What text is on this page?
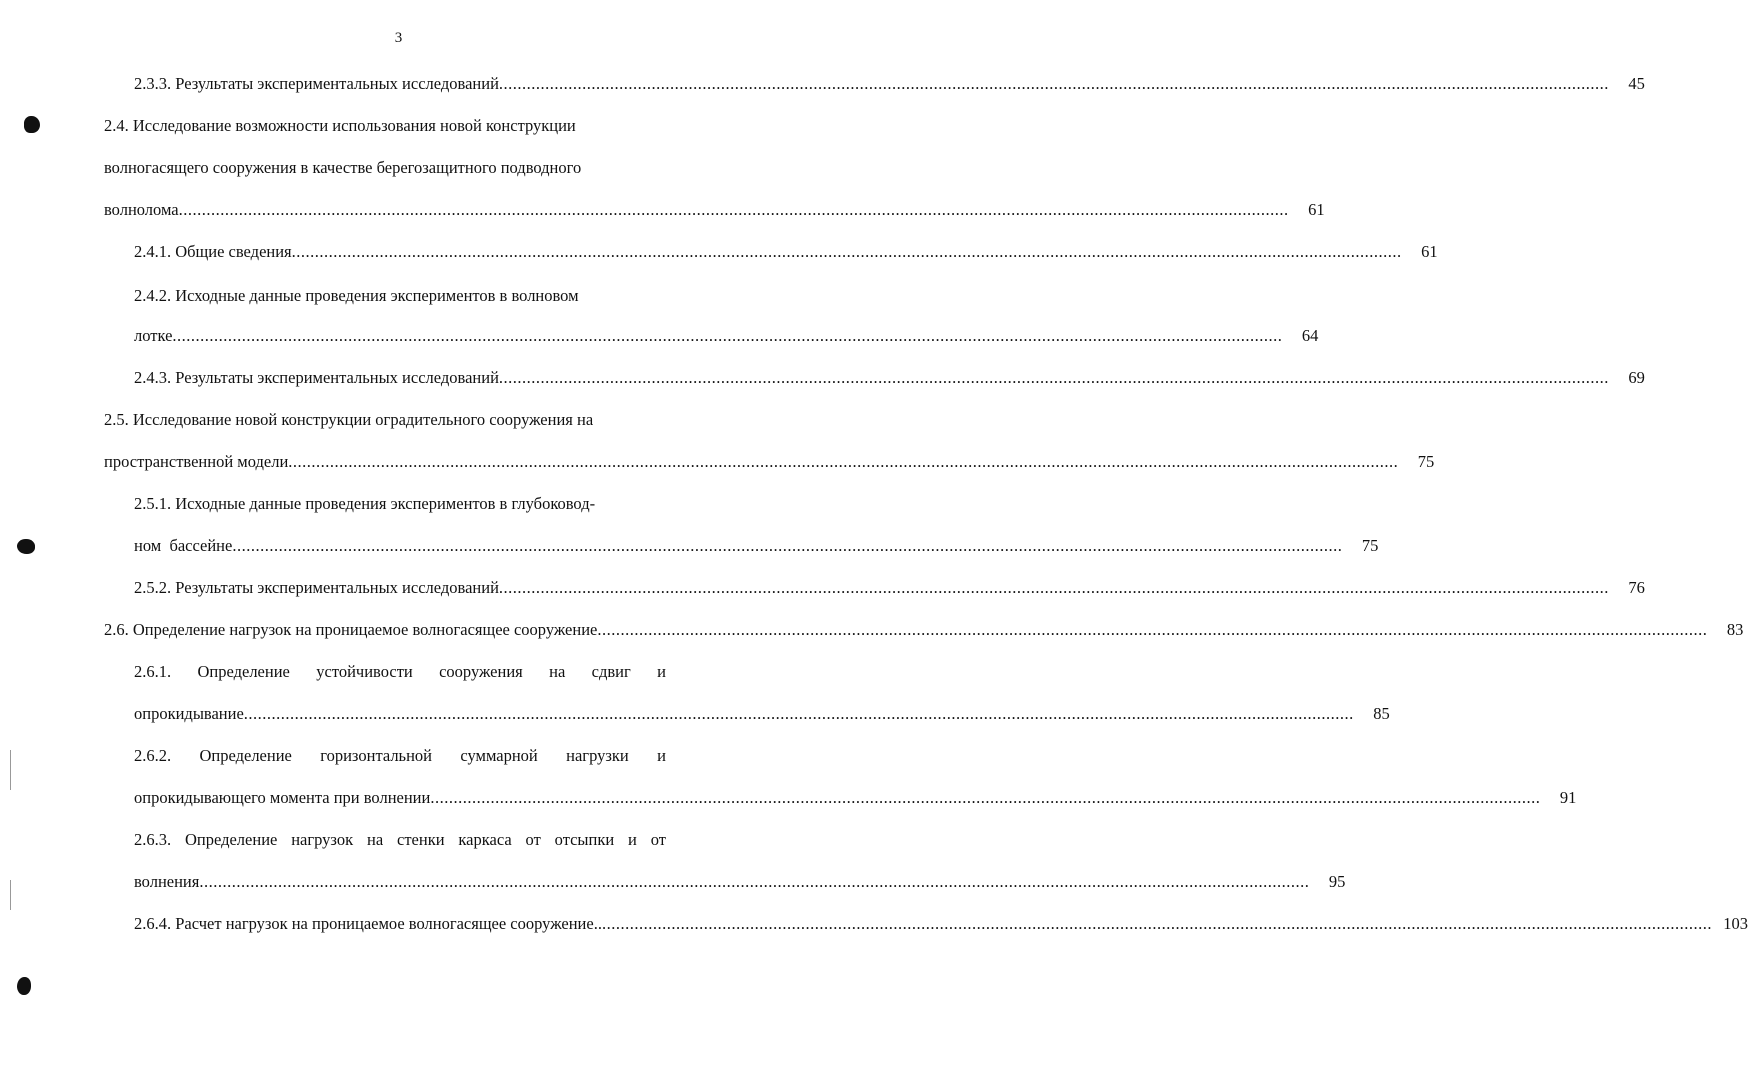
3
2.3.3. Результаты экспериментальных исследований ................................................................................................................................................................................................................................................	45
2.4. Исследование возможности использования новой конструкции
волногасящего сооружения в качестве берегозащитного подводного
волнолома ................................................................................................................................................................................................................................................	61
2.4.1. Общие сведения ................................................................................................................................................................................................................................................	61
2.4.2. Исходные данные проведения экспериментов в волновом
лотке ................................................................................................................................................................................................................................................	64
2.4.3. Результаты экспериментальных исследований ................................................................................................................................................................................................................................................	69
2.5. Исследование новой конструкции оградительного сооружения на
пространственной модели ................................................................................................................................................................................................................................................	75
2.5.1. Исходные данные проведения экспериментов в глубоковод-
ном  бассейне ................................................................................................................................................................................................................................................	75
2.5.2. Результаты экспериментальных исследований ................................................................................................................................................................................................................................................	76
2.6. Определение нагрузок на проницаемое волногасящее сооружение ................................................................................................................................................................................................................................................	83
2.6.1. Определение устойчивости сооружения на сдвиг и
опрокидывание ................................................................................................................................................................................................................................................	85
2.6.2. Определение горизонтальной суммарной нагрузки и
опрокидывающего момента при волнении ................................................................................................................................................................................................................................................	91
2.6.3. Определение нагрузок на стенки каркаса от отсыпки и от
волнения ................................................................................................................................................................................................................................................	95
2.6.4. Расчет нагрузок на проницаемое волногасящее сооружение.. ................................................................................................................................................................................................................................................ 103
